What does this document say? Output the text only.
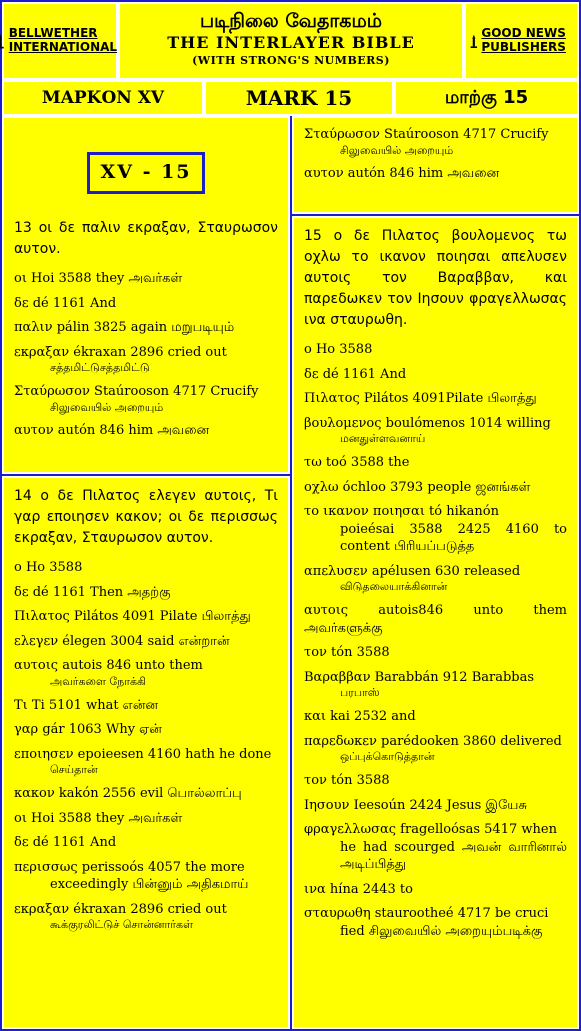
BELLWETHER INTERNATIONAL
படிநிலை வேதாகமம்
THE INTERLAYER BIBLE
(WITH STRONG'S NUMBERS)
GOOD NEWS PUBLISHERS
ΜΑΡΚΟΝ XV	MARK 15	மாற்கு 15
XV - 15
13 οι δε παλιν εκραξαν, Σταυρωσον αυτον.
οι Hoi 3588 they அவர்கள்
δε dé 1161 And
παλιν pálin 3825 again மறுபடியும்
εκραξαν ékraxan 2896 cried out
சத்தமிட்டுசத்தமிட்டு
Σταύρωσον Staúrooson 4717 Crucify
சிலுவையில் அறையும்
αυτον autón 846 him அவனை
14 ο δε Πιλατος ελεγεν αυτοις, Τι γαρ εποιησεν κακον; οι δε περισσως εκραξαν, Σταυρωσον αυτον.
ο Ho 3588
δε dé 1161 Then அதற்கு
Πιλατος Pilátos 4091 Pilate பிலாத்து
ελεγεν élegen 3004 said என்றான்
αυτοις autois 846 unto them
அவர்களை நோக்கி
Τι Ti 5101 what என்ன
γαρ gár 1063 Why ஏன்
εποιησεν epoieesen 4160 hath he done
செய்தான்
κακον kakón 2556 evil பொல்லாப்பு
οι Hoi 3588 they அவர்கள்
δε dé 1161 And
περισσως perissoós 4057 the more
exceedingly பின்னும் அதிகமாய்
εκραξαν ékraxan 2896 cried out
கூக்குரலிட்டுச் சொன்னார்கள்
Σταύρωσον Staúrooson 4717 Crucify
சிலுவையில் அறையும்
αυτον autón 846 him அவனை
15 ο δε Πιλατος βουλομενος τω οχλω το ικανον ποιησαι απελυσεν αυτοις τον Βαραββαν, και παρεδωκεν τον Ιησουν φραγελλωσας ινα σταυρωθη.
ο Ho 3588
δε dé 1161 And
Πιλατος Pilátos 4091Pilate பிலாத்து
βουλομενος boulómenos 1014 willing
மனதுள்ளவனாய்
τω toó 3588 the
οχλω óchloo 3793 people ஜனங்கள்
το ικανον ποιησαι tó hikanón
poieésai 3588 2425 4160 to content பிரியப்படுத்த
απελυσεν apélusen 630 released
விடுதலையாக்கினான்
αυτοις autois846 unto them அவர்களுக்கு
τον tón 3588
Βαραββαν Barabbán 912 Barabbas
பரபாஸ்
και kai 2532 and
παρεδωκεν parédooken 3860 delivered
ஒப்புக்கொடுத்தான்
τον tón 3588
Ιησουν Ieesoún 2424 Jesus இயேசு
φραγελλωσας fragelloósas 5417 when
he had scourged அவன் வாரினால் அடிப்பித்து
ινα hína 2443 to
σταυρωθη staurootheé 4717 be cruci
fied சிலுவையில் அறையும்படிக்கு
